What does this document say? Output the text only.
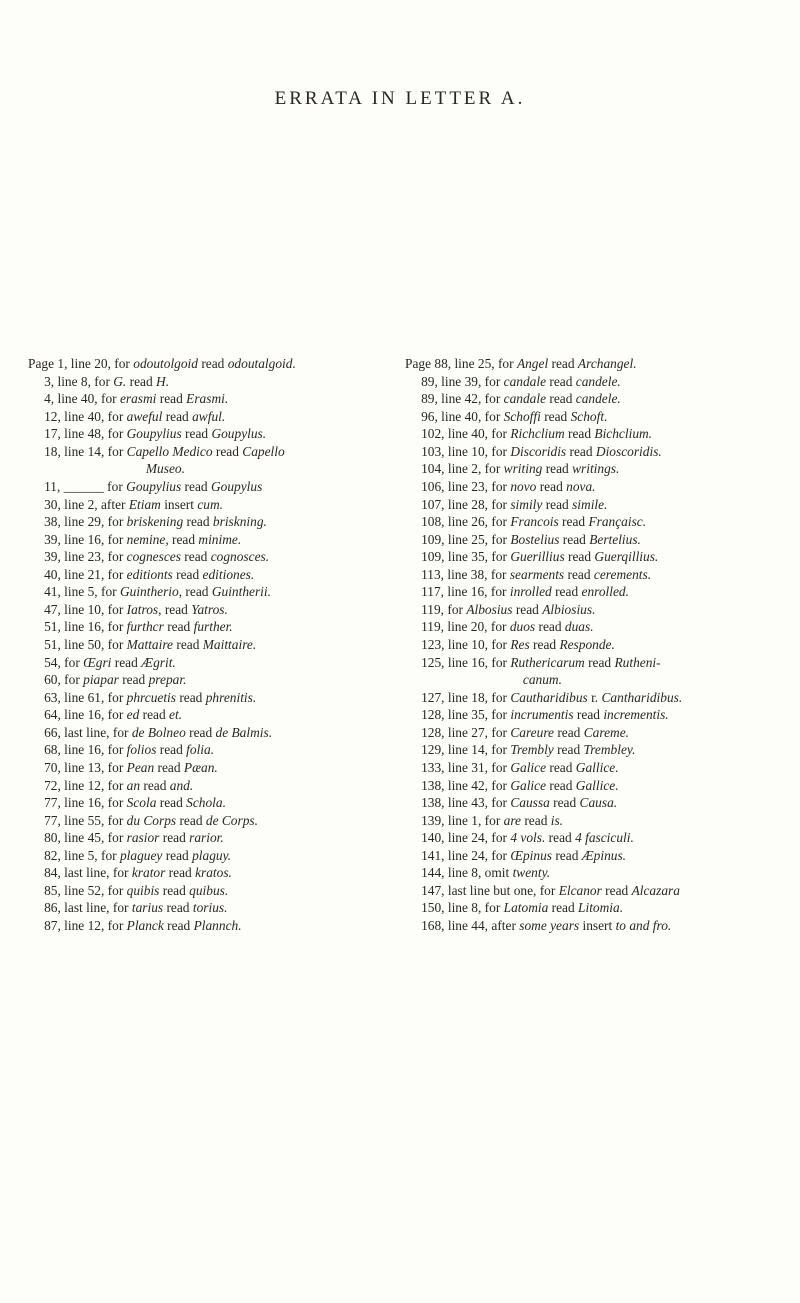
ERRATA IN LETTER A.
Page 1, line 20, for odoutolgoid read odoutalgoid.
3, line 8, for G. read H.
4, line 40, for erasmi read Erasmi.
12, line 40, for aweful read awful.
17, line 48, for Goupylius read Goupylus.
18, line 14, for Capello Medico read Capello
Museo.
11, ______ for Goupylius read Goupylus
30, line 2, after Etiam insert cum.
38, line 29, for briskening read briskning.
39, line 16, for nemine, read minime.
39, line 23, for cognesces read cognosces.
40, line 21, for editionts read editiones.
41, line 5, for Guintherio, read Guintherii.
47, line 10, for Iatros, read Yatros.
51, line 16, for furthcr read further.
51, line 50, for Mattaire read Maittaire.
54, for Œgri read Ægrit.
60, for piapar read prepar.
63, line 61, for phrcuetis read phrenitis.
64, line 16, for ed read et.
66, last line, for de Bolneo read de Balmis.
68, line 16, for folios read folia.
70, line 13, for Pean read Pæan.
72, line 12, for an read and.
77, line 16, for Scola read Schola.
77, line 55, for du Corps read de Corps.
80, line 45, for rasior read rarior.
82, line 5, for plaguey read plaguy.
84, last line, for krator read kratos.
85, line 52, for quibis read quibus.
86, last line, for tarius read torius.
87, line 12, for Planck read Plannch.
Page 88, line 25, for Angel read Archangel.
89, line 39, for candale read candele.
89, line 42, for candale read candele.
96, line 40, for Schoffi read Schoft.
102, line 40, for Richclium read Bichclium.
103, line 10, for Discoridis read Dioscoridis.
104, line 2, for writing read writings.
106, line 23, for novo read nova.
107, line 28, for simily read simile.
108, line 26, for Francois read Françaisc.
109, line 25, for Bostelius read Bertelius.
109, line 35, for Guerillius read Guerqillius.
113, line 38, for searments read cerements.
117, line 16, for inrolled read enrolled.
119, for Albosius read Albiosius.
119, line 20, for duos read duas.
123, line 10, for Res read Responde.
125, line 16, for Ruthericarum read Rutheni-
canum.
127, line 18, for Cautharidibus r. Cantharidibus.
128, line 35, for incrumentis read incrementis.
128, line 27, for Careure read Careme.
129, line 14, for Trembly read Trembley.
133, line 31, for Galice read Gallice.
138, line 42, for Galice read Gallice.
138, line 43, for Caussa read Causa.
139, line 1, for are read is.
140, line 24, for 4 vols. read 4 fasciculi.
141, line 24, for Œpinus read Æpinus.
144, line 8, omit twenty.
147, last line but one, for Elcanor read Alcazara
150, line 8, for Latomia read Litomia.
168, line 44, after some years insert to and fro.
